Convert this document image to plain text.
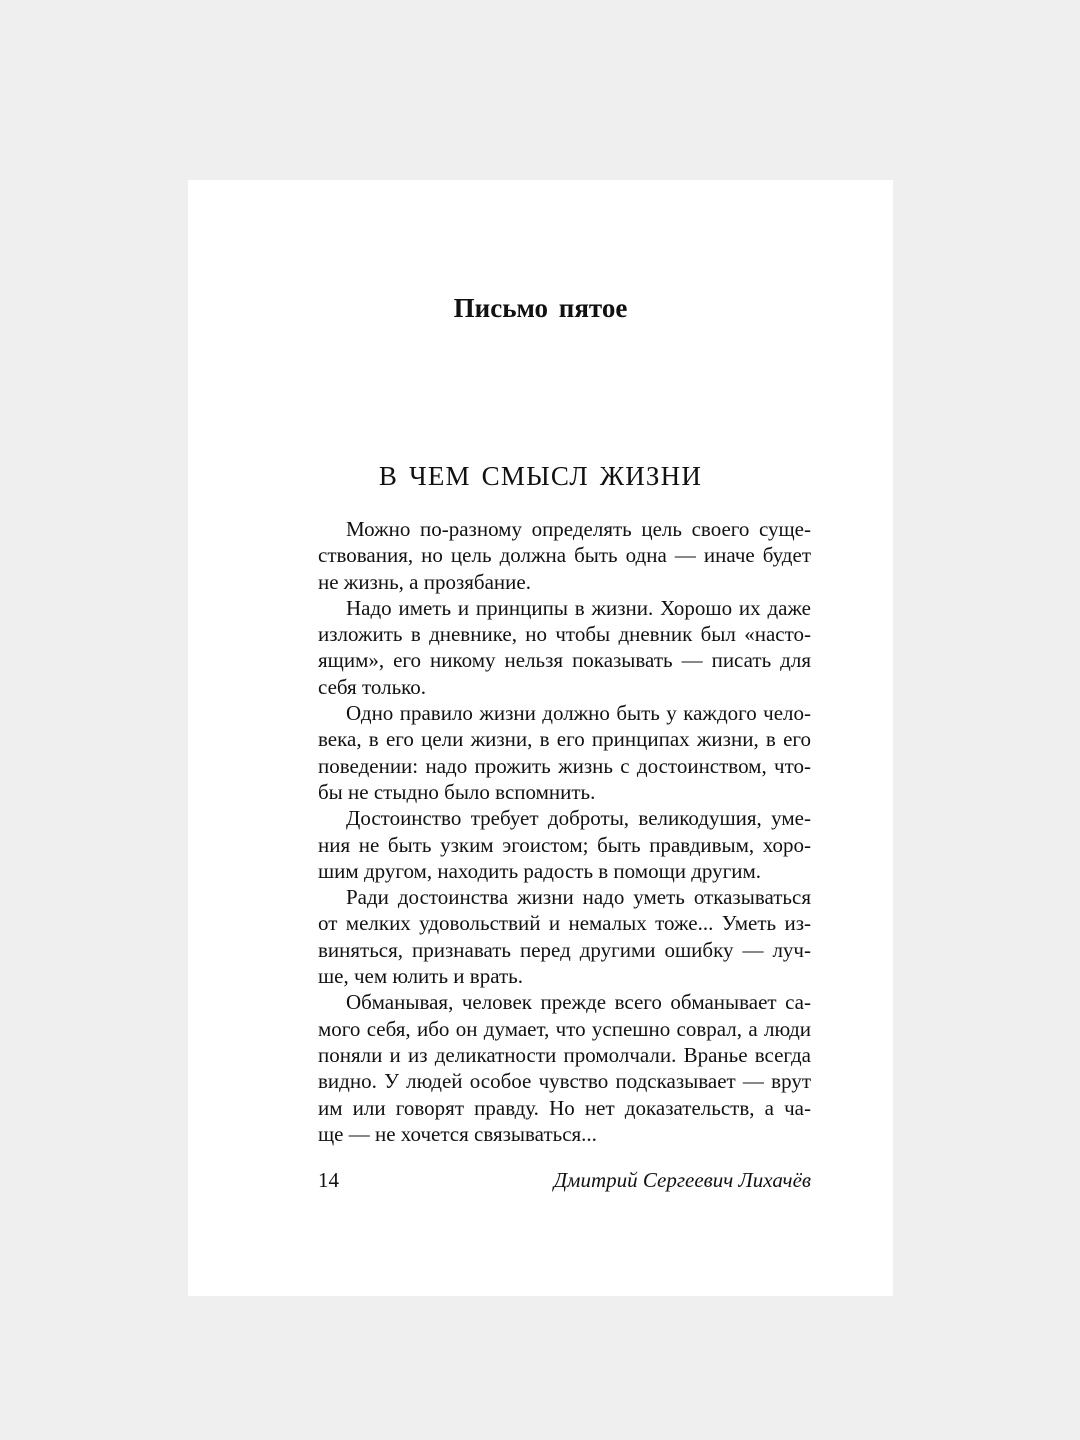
Письмо пятое
В ЧЕМ СМЫСЛ ЖИЗНИ
Можно по-разному определять цель своего суще-
ствования, но цель должна быть одна — иначе будет
не жизнь, а прозябание.
Надо иметь и принципы в жизни. Хорошо их даже
изложить в дневнике, но чтобы дневник был «насто-
ящим», его никому нельзя показывать — писать для
себя только.
Одно правило жизни должно быть у каждого чело-
века, в его цели жизни, в его принципах жизни, в его
поведении: надо прожить жизнь с достоинством, что-
бы не стыдно было вспомнить.
Достоинство требует доброты, великодушия, уме-
ния не быть узким эгоистом; быть правдивым, хоро-
шим другом, находить радость в помощи другим.
Ради достоинства жизни надо уметь отказываться
от мелких удовольствий и немалых тоже... Уметь из-
виняться, признавать перед другими ошибку — луч-
ше, чем юлить и врать.
Обманывая, человек прежде всего обманывает са-
мого себя, ибо он думает, что успешно соврал, а люди
поняли и из деликатности промолчали. Вранье всегда
видно. У людей особое чувство подсказывает — врут
им или говорят правду. Но нет доказательств, а ча-
ще — не хочется связываться...
14	Дмитрий Сергеевич Лихачёв
